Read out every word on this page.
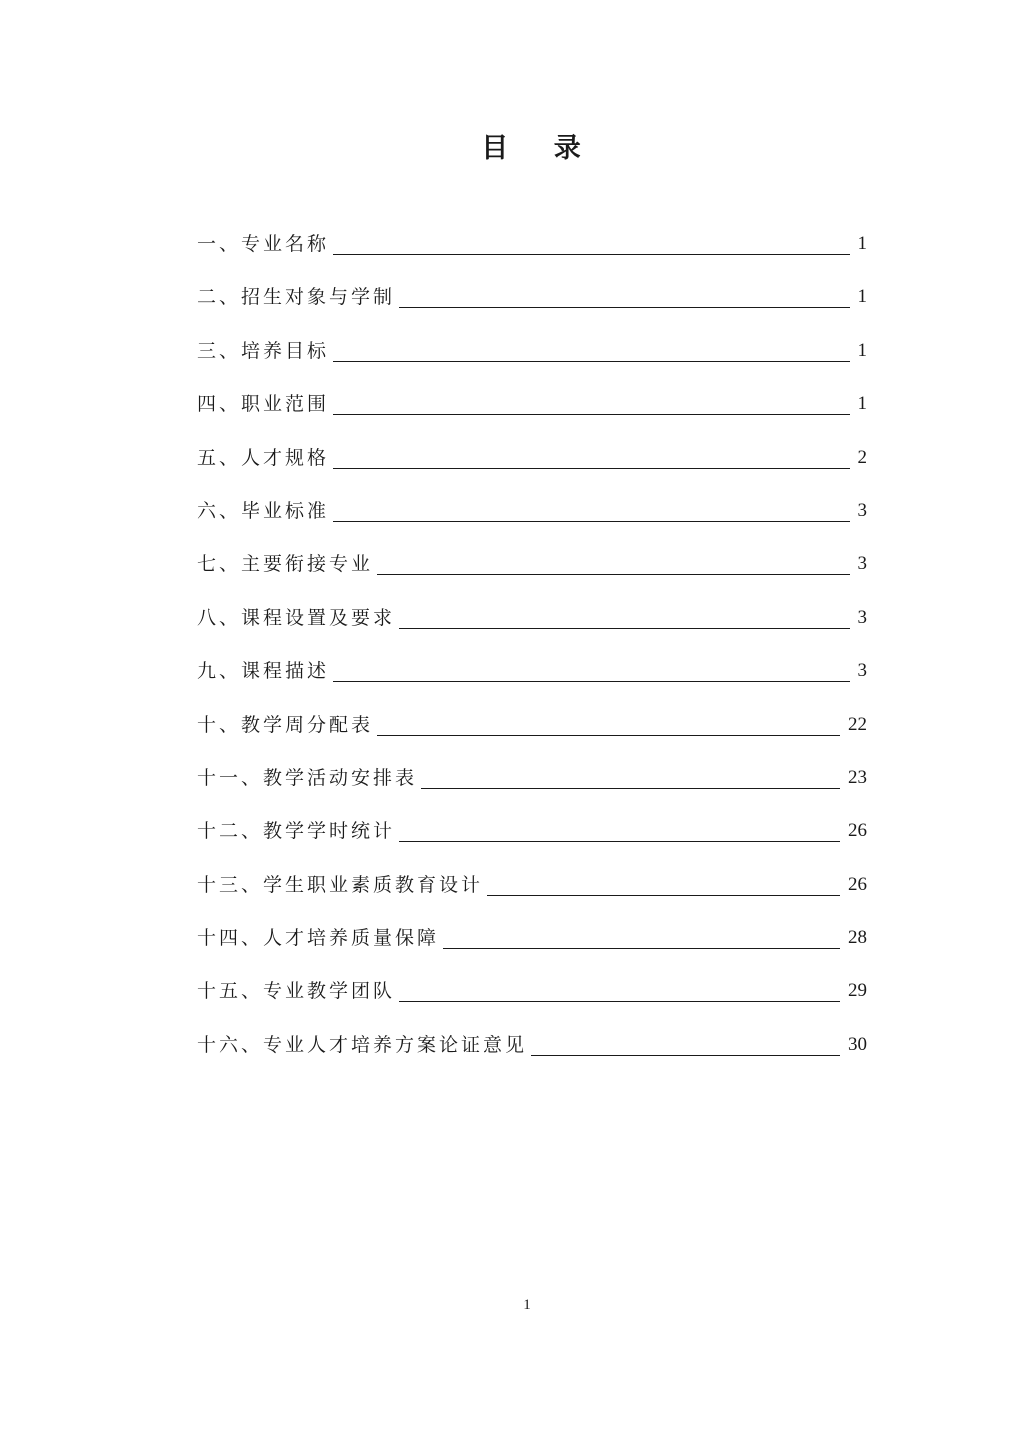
目 录
一、专业名称	1
二、招生对象与学制	1
三、培养目标	1
四、职业范围	1
五、人才规格	2
六、毕业标准	3
七、主要衔接专业	3
八、课程设置及要求	3
九、课程描述	3
十、教学周分配表	22
十一、教学活动安排表	23
十二、教学学时统计	26
十三、学生职业素质教育设计	26
十四、人才培养质量保障	28
十五、专业教学团队	29
十六、专业人才培养方案论证意见	30
1
